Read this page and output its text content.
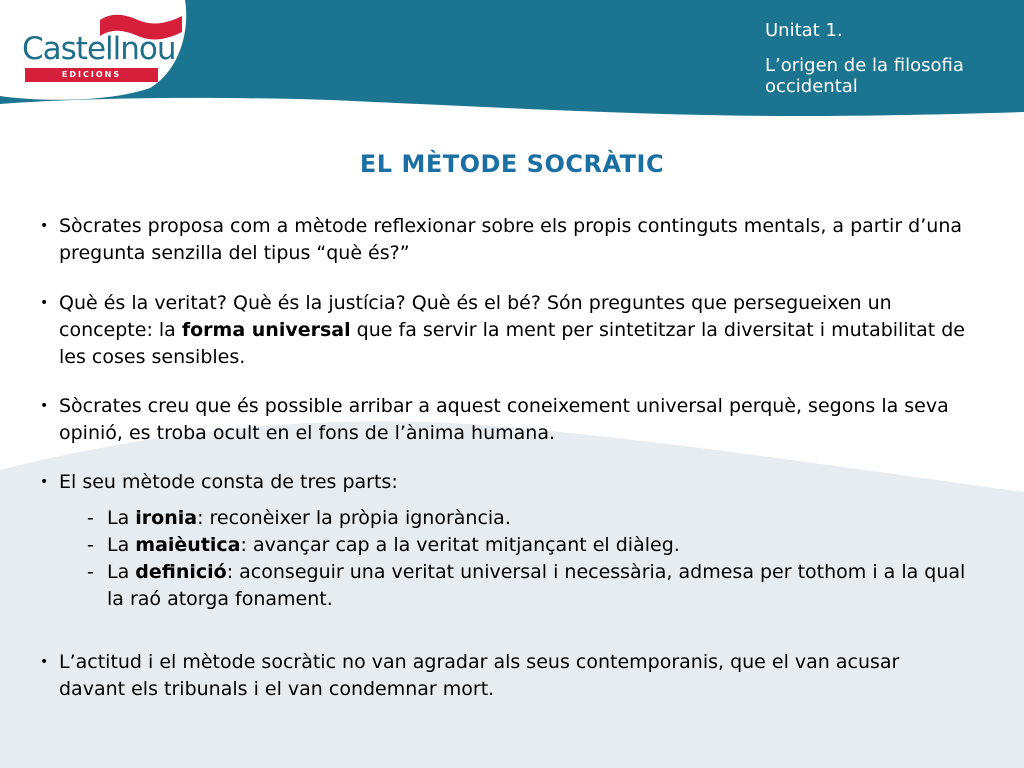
Castellnou
EDICIONS
Unitat 1.
L’origen de la filosofia occidental
EL MÈTODE SOCRÀTIC

• Sòcrates proposa com a mètode reflexionar sobre els propis continguts mentals, a partir d’una pregunta senzilla del tipus “què és?”

• Què és la veritat? Què és la justícia? Què és el bé? Són preguntes que persegueixen un concepte: la forma universal que fa servir la ment per sintetitzar la diversitat i mutabilitat de les coses sensibles.

• Sòcrates creu que és possible arribar a aquest coneixement universal perquè, segons la seva opinió, es troba ocult en el fons de l’ànima humana.

• El seu mètode consta de tres parts:

- La ironia: reconèixer la pròpia ignorància.
- La maièutica: avançar cap a la veritat mitjançant el diàleg.
- La definició: aconseguir una veritat universal i necessària, admesa per tothom i a la qual la raó atorga fonament.

• L’actitud i el mètode socràtic no van agradar als seus contemporanis, que el van acusar davant els tribunals i el van condemnar mort.
